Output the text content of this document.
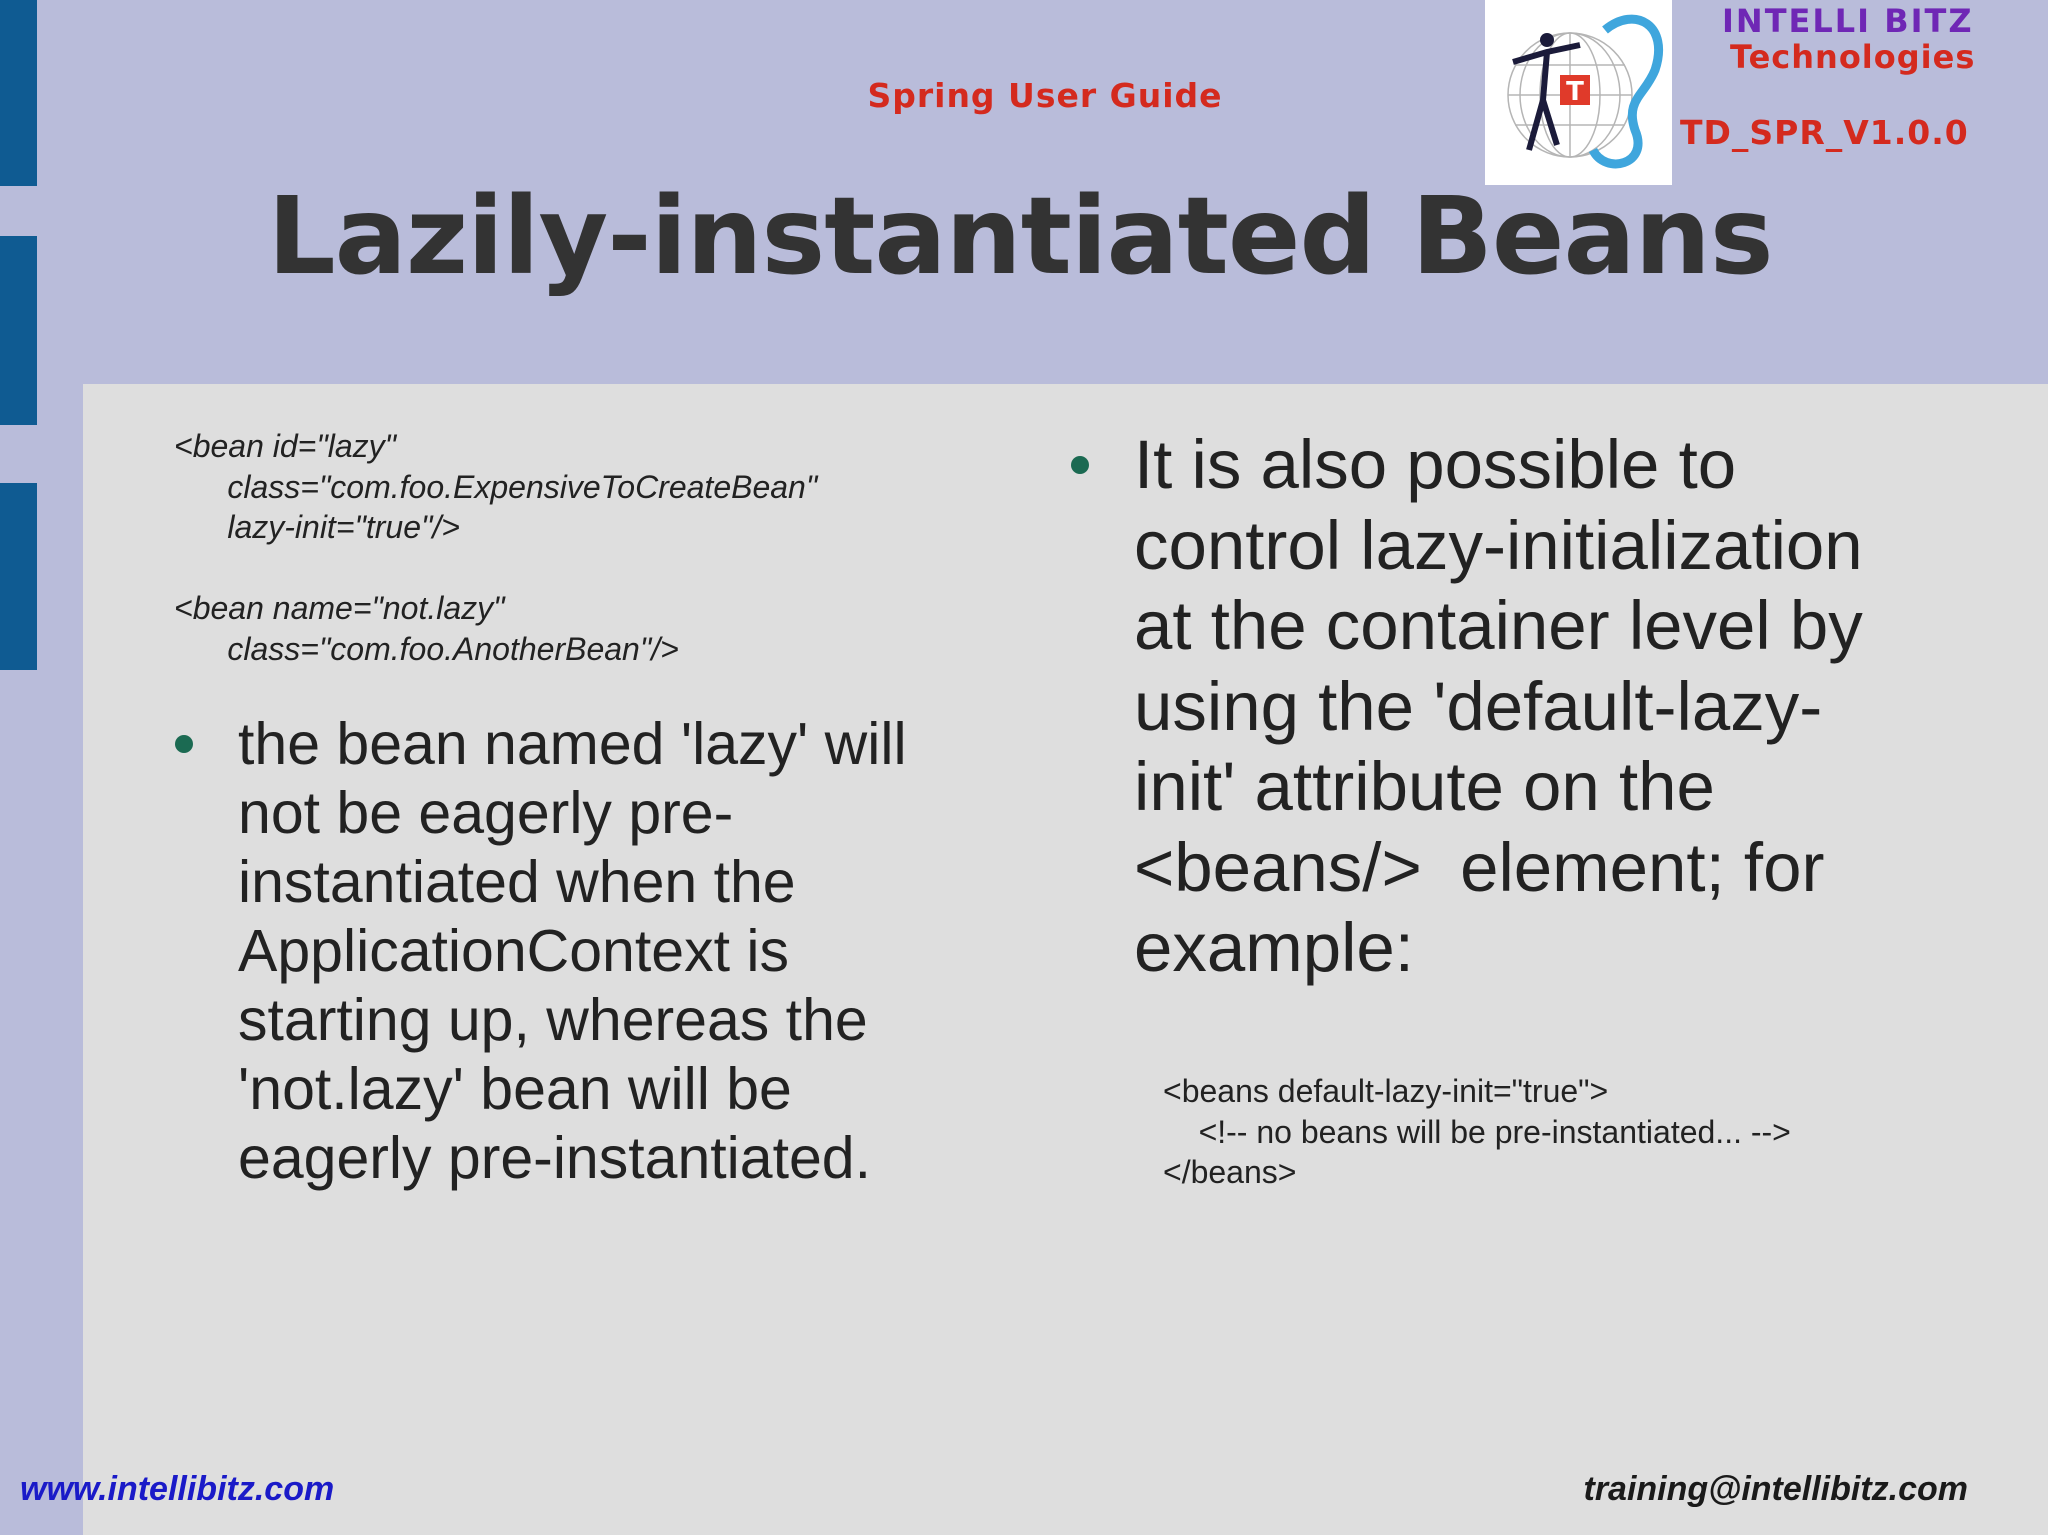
Spring User Guide	T
INTELLI BITZ
Technologies
TD_SPR_V1.0.0
Lazily-instantiated Beans
<bean id="lazy"
class="com.foo.ExpensiveToCreateBean"
lazy-init="true"/>

<bean name="not.lazy"
class="com.foo.AnotherBean"/>
the bean named 'lazy' will
not be eagerly pre-
instantiated when the
ApplicationContext is
starting up, whereas the
'not.lazy' bean will be
eagerly pre-instantiated.
It is also possible to
control lazy-initialization
at the container level by
using the 'default-lazy-
init' attribute on the
<beans/>  element; for
example:
<beans default-lazy-init="true">
<!-- no beans will be pre-instantiated... -->
</beans>
www.intellibitz.com	training@intellibitz.com
